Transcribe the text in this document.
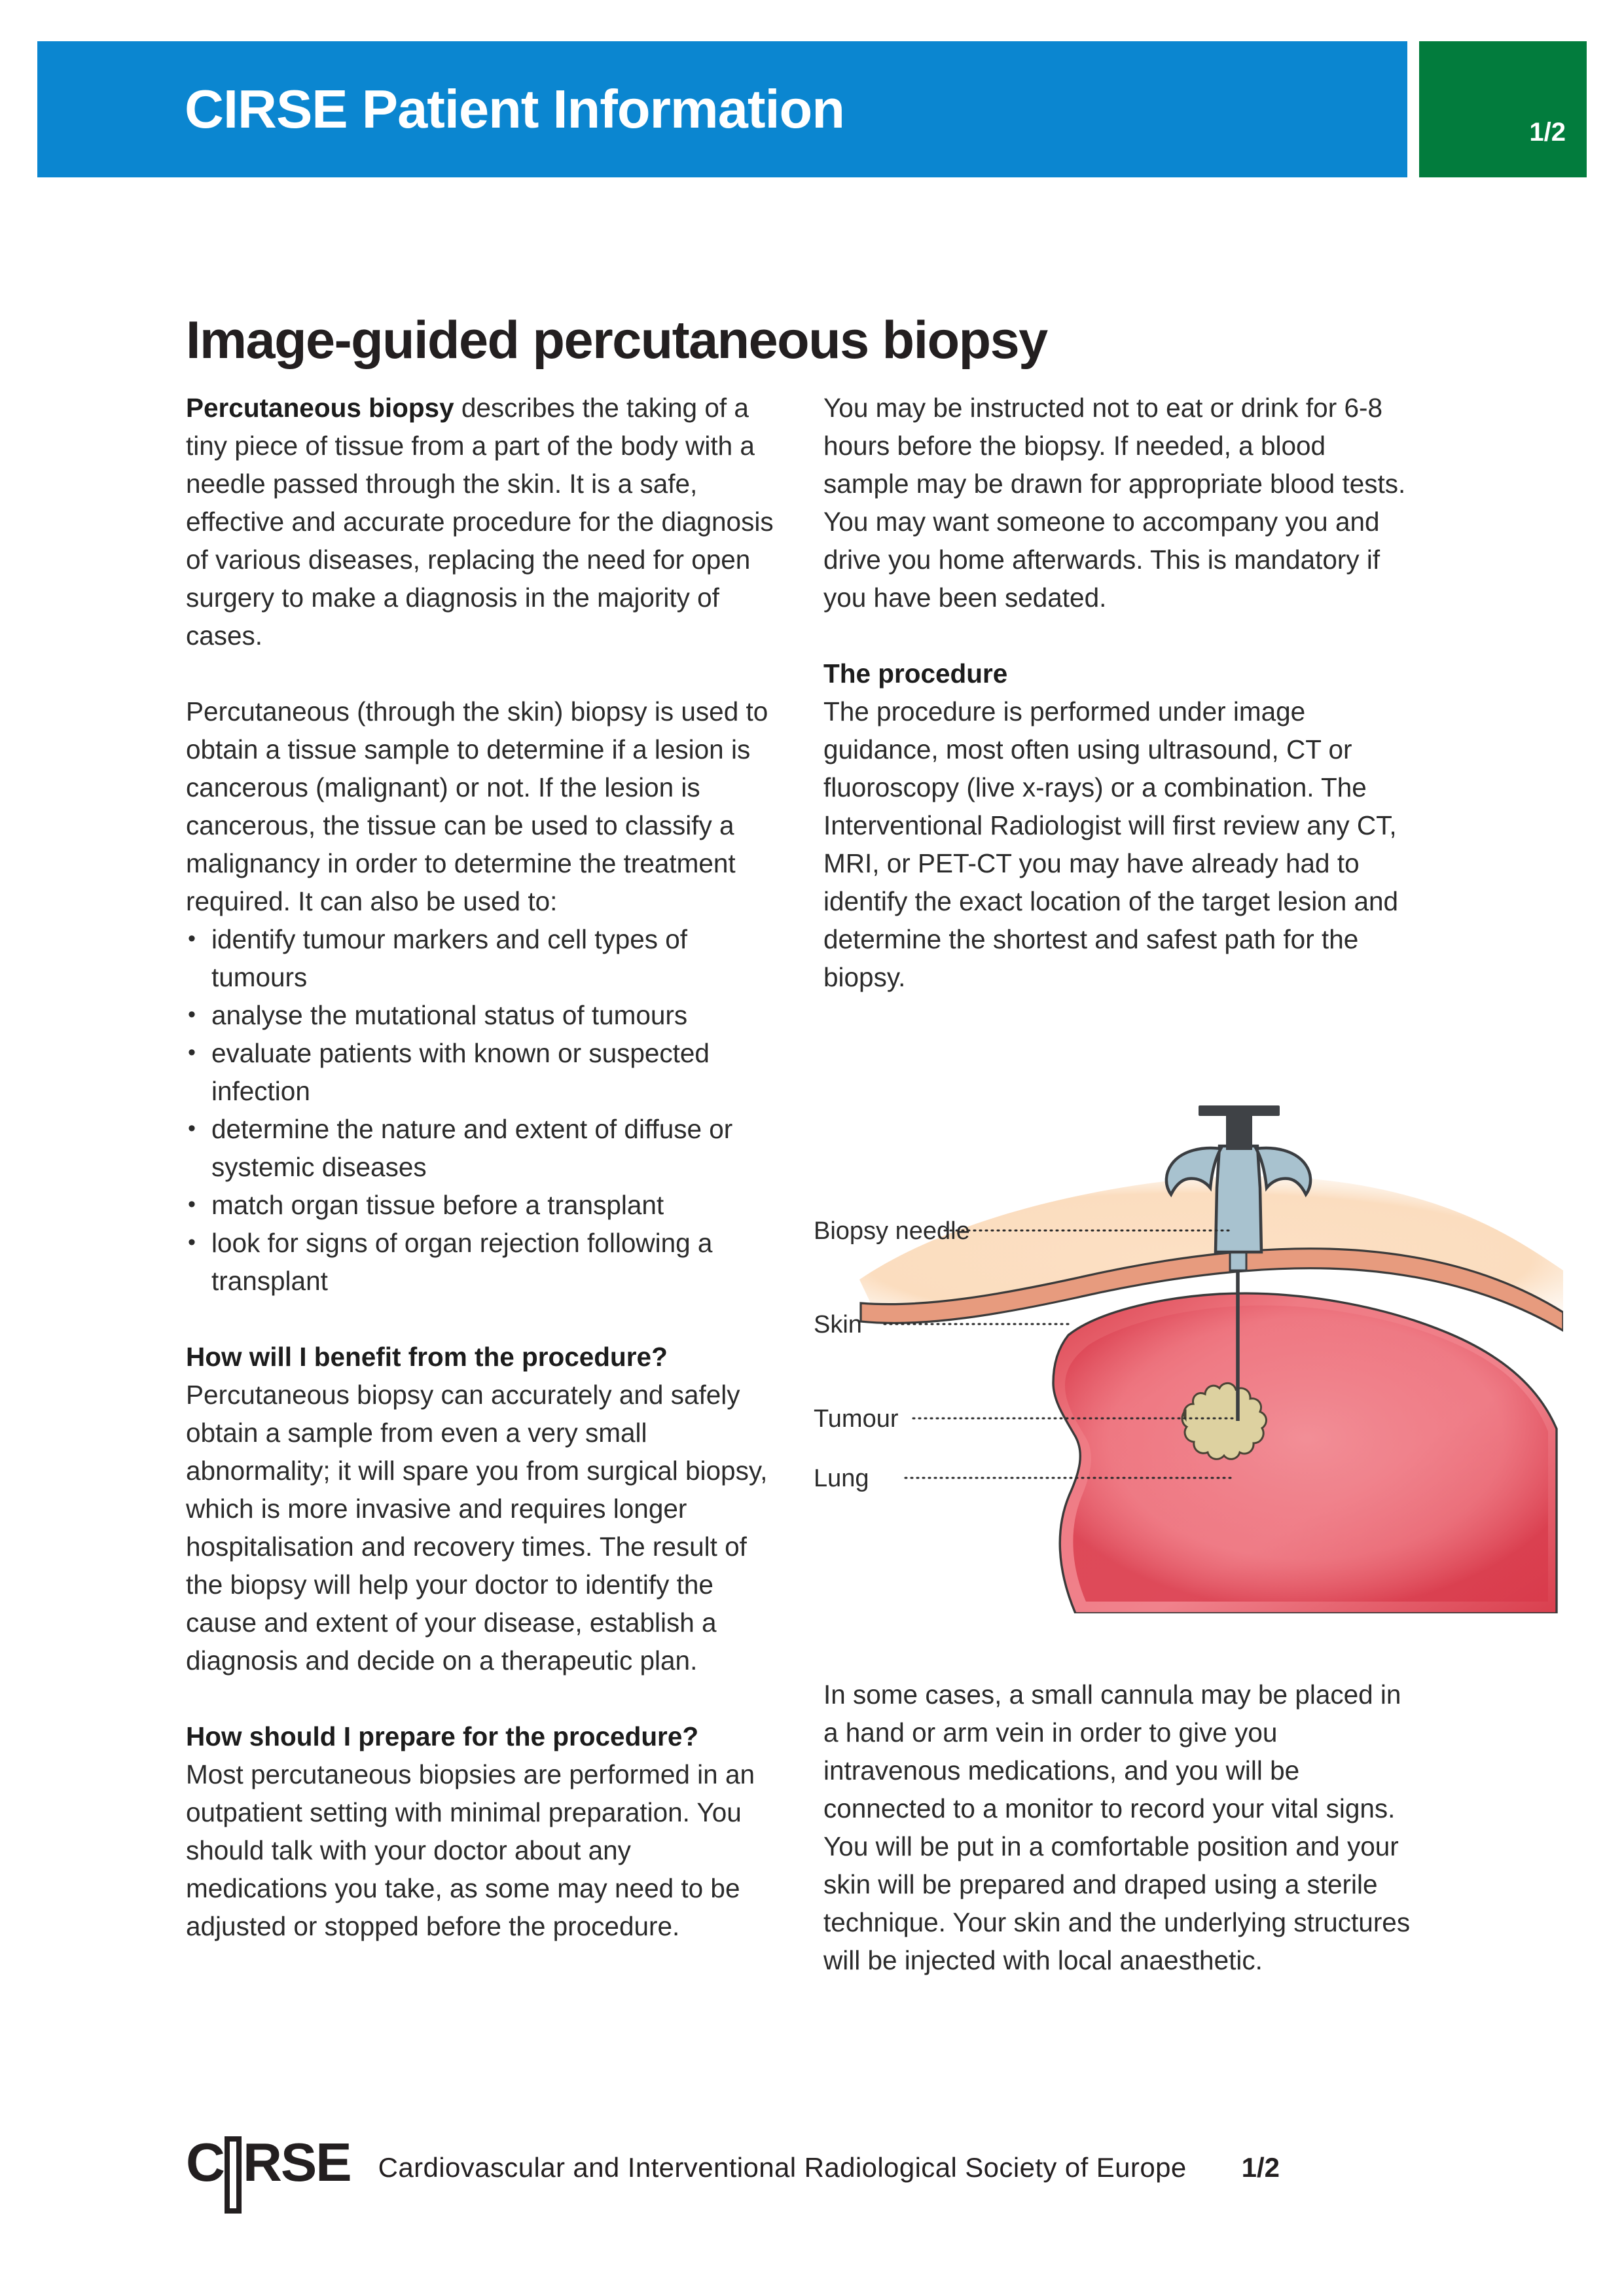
CIRSE Patient Information	1/2
Image-guided percutaneous biopsy

Percutaneous biopsy describes the taking of a tiny piece of tissue from a part of the body with a needle passed through the skin. It is a safe, effective and accurate procedure for the diagnosis of various diseases, replacing the need for open surgery to make a diagnosis in the majority of cases.

Percutaneous (through the skin) biopsy is used to obtain a tissue sample to determine if a lesion is cancerous (malignant) or not. If the lesion is cancerous, the tissue can be used to classify a malignancy in order to determine the treatment required. It can also be used to:

• identify tumour markers and cell types of tumours
• analyse the mutational status of tumours
• evaluate patients with known or suspected infection
• determine the nature and extent of diffuse or systemic diseases
• match organ tissue before a transplant
• look for signs of organ rejection following a transplant

How will I benefit from the procedure?
Percutaneous biopsy can accurately and safely obtain a sample from even a very small abnormality; it will spare you from surgical biopsy, which is more invasive and requires longer hospitalisation and recovery times. The result of the biopsy will help your doctor to identify the cause and extent of your disease, establish a diagnosis and decide on a therapeutic plan.

How should I prepare for the procedure?
Most percutaneous biopsies are performed in an outpatient setting with minimal preparation. You should talk with your doctor about any medications you take, as some may need to be adjusted or stopped before the procedure.

You may be instructed not to eat or drink for 6-8 hours before the biopsy. If needed, a blood sample may be drawn for appropriate blood tests. You may want someone to accompany you and drive you home afterwards. This is mandatory if you have been sedated.

The procedure
The procedure is performed under image guidance, most often using ultrasound, CT or fluoroscopy (live x-rays) or a combination. The Interventional Radiologist will first review any CT, MRI, or PET-CT you may have already had to identify the exact location of the target lesion and determine the shortest and safest path for the biopsy.

Biopsy needle
Skin
Tumour
Lung

In some cases, a small cannula may be placed in a hand or arm vein in order to give you intravenous medications, and you will be connected to a monitor to record your vital signs. You will be put in a comfortable position and your skin will be prepared and draped using a sterile technique. Your skin and the underlying structures will be injected with local anaesthetic.

C RSE Cardiovascular and Interventional Radiological Society of Europe 1/2
